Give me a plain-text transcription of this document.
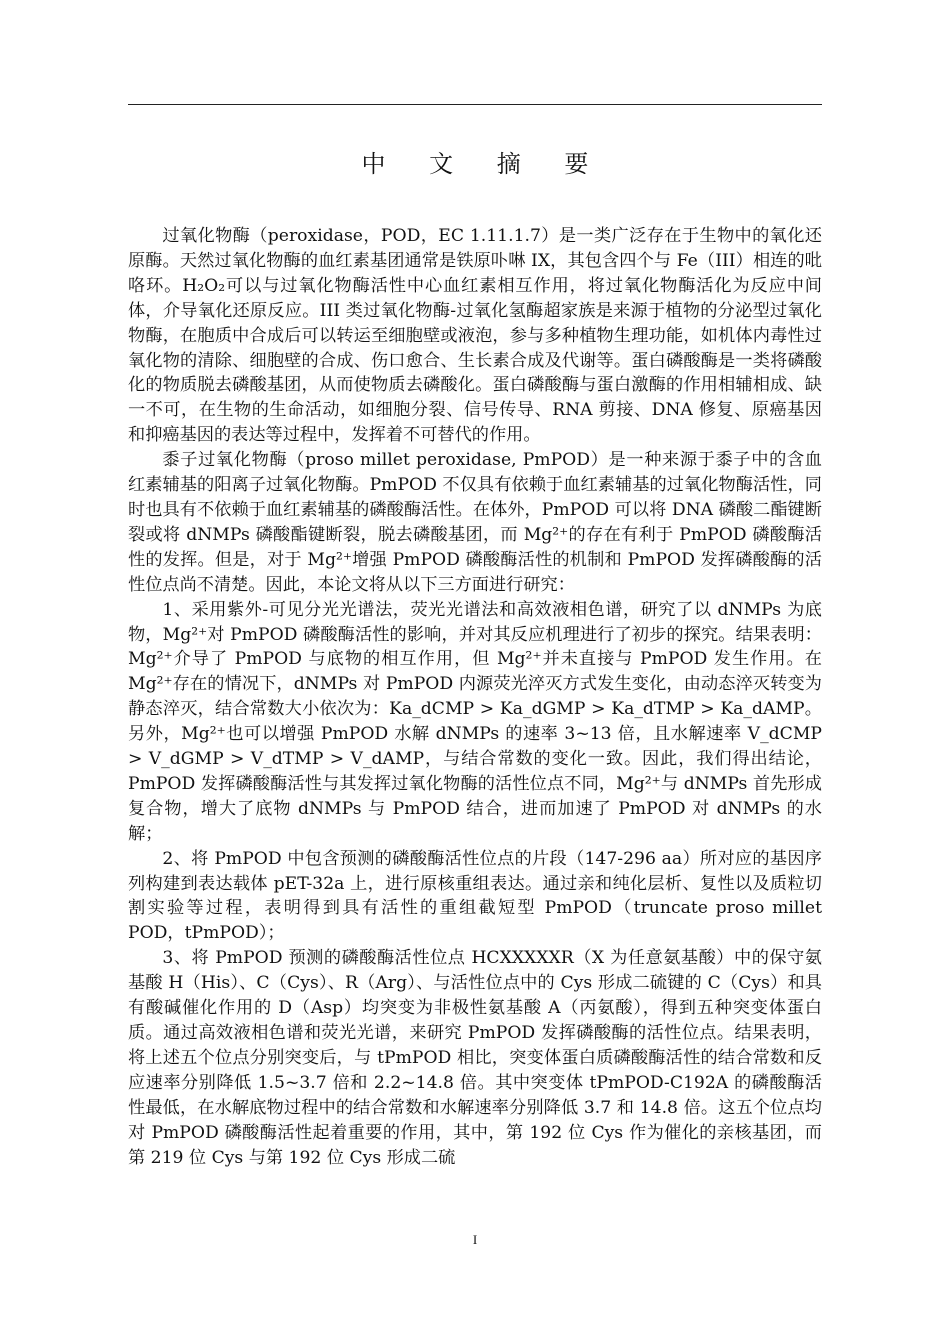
中 文 摘 要

过氧化物酶（peroxidase，POD，EC 1.11.1.7）是一类广泛存在于生物中的氧化还原酶。天然过氧化物酶的血红素基团通常是铁原卟啉 IX，其包含四个与 Fe（III）相连的吡咯环。H₂O₂可以与过氧化物酶活性中心血红素相互作用，将过氧化物酶活化为反应中间体，介导氧化还原反应。III 类过氧化物酶-过氧化氢酶超家族是来源于植物的分泌型过氧化物酶，在胞质中合成后可以转运至细胞壁或液泡，参与多种植物生理功能，如机体内毒性过氧化物的清除、细胞壁的合成、伤口愈合、生长素合成及代谢等。蛋白磷酸酶是一类将磷酸化的物质脱去磷酸基团，从而使物质去磷酸化。蛋白磷酸酶与蛋白激酶的作用相辅相成、缺一不可，在生物的生命活动，如细胞分裂、信号传导、RNA 剪接、DNA 修复、原癌基因和抑癌基因的表达等过程中，发挥着不可替代的作用。

黍子过氧化物酶（proso millet peroxidase, PmPOD）是一种来源于黍子中的含血红素辅基的阳离子过氧化物酶。PmPOD 不仅具有依赖于血红素辅基的过氧化物酶活性，同时也具有不依赖于血红素辅基的磷酸酶活性。在体外，PmPOD 可以将 DNA 磷酸二酯键断裂或将 dNMPs 磷酸酯键断裂，脱去磷酸基团，而 Mg²⁺的存在有利于 PmPOD 磷酸酶活性的发挥。但是，对于 Mg²⁺增强 PmPOD 磷酸酶活性的机制和 PmPOD 发挥磷酸酶的活性位点尚不清楚。因此，本论文将从以下三方面进行研究：

1、采用紫外-可见分光光谱法，荧光光谱法和高效液相色谱，研究了以 dNMPs 为底物，Mg²⁺对 PmPOD 磷酸酶活性的影响，并对其反应机理进行了初步的探究。结果表明：Mg²⁺介导了 PmPOD 与底物的相互作用，但 Mg²⁺并未直接与 PmPOD 发生作用。在 Mg²⁺存在的情况下，dNMPs 对 PmPOD 内源荧光淬灭方式发生变化，由动态淬灭转变为静态淬灭，结合常数大小依次为：Ka_dCMP > Ka_dGMP > Ka_dTMP > Ka_dAMP。另外，Mg²⁺也可以增强 PmPOD 水解 dNMPs 的速率 3~13 倍，且水解速率 V_dCMP > V_dGMP > V_dTMP > V_dAMP，与结合常数的变化一致。因此，我们得出结论，PmPOD 发挥磷酸酶活性与其发挥过氧化物酶的活性位点不同，Mg²⁺与 dNMPs 首先形成复合物，增大了底物 dNMPs 与 PmPOD 结合，进而加速了 PmPOD 对 dNMPs 的水解；

2、将 PmPOD 中包含预测的磷酸酶活性位点的片段（147-296 aa）所对应的基因序列构建到表达载体 pET-32a 上，进行原核重组表达。通过亲和纯化层析、复性以及质粒切割实验等过程，表明得到具有活性的重组截短型 PmPOD（truncate proso millet POD，tPmPOD）；

3、将 PmPOD 预测的磷酸酶活性位点 HCXXXXXR（X 为任意氨基酸）中的保守氨基酸 H（His）、C（Cys）、R（Arg）、与活性位点中的 Cys 形成二硫键的 C（Cys）和具有酸碱催化作用的 D（Asp）均突变为非极性氨基酸 A（丙氨酸），得到五种突变体蛋白质。通过高效液相色谱和荧光光谱，来研究 PmPOD 发挥磷酸酶的活性位点。结果表明，将上述五个位点分别突变后，与 tPmPOD 相比，突变体蛋白质磷酸酶活性的结合常数和反应速率分别降低 1.5~3.7 倍和 2.2~14.8 倍。其中突变体 tPmPOD-C192A 的磷酸酶活性最低，在水解底物过程中的结合常数和水解速率分别降低 3.7 和 14.8 倍。这五个位点均对 PmPOD 磷酸酶活性起着重要的作用，其中，第 192 位 Cys 作为催化的亲核基团，而第 219 位 Cys 与第 192 位 Cys 形成二硫

I
